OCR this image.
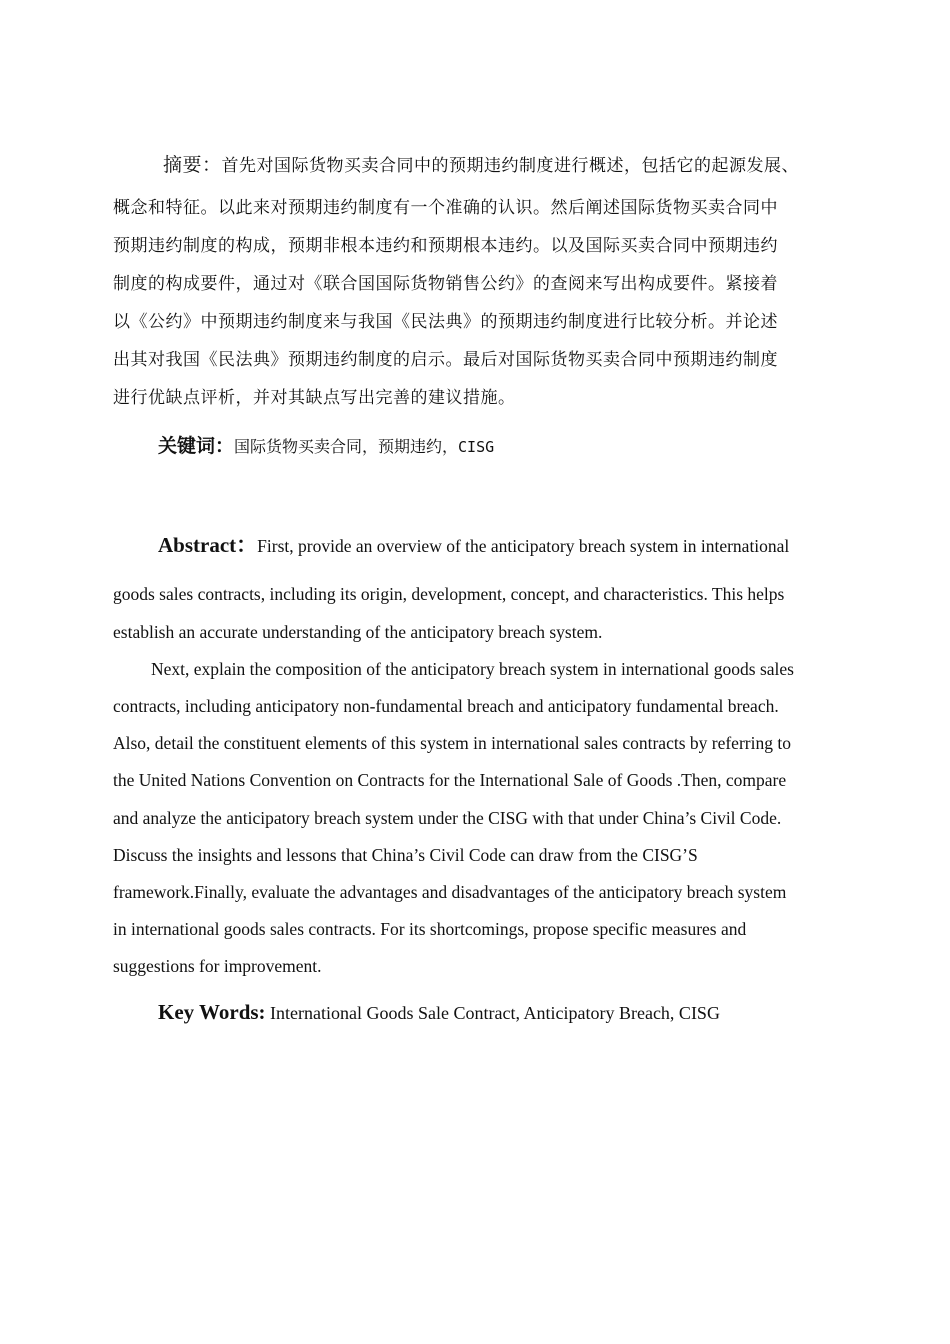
摘要：首先对国际货物买卖合同中的预期违约制度进行概述，包括它的起源发展、
概念和特征。以此来对预期违约制度有一个准确的认识。然后阐述国际货物买卖合同中
预期违约制度的构成，预期非根本违约和预期根本违约。以及国际买卖合同中预期违约
制度的构成要件，通过对《联合国国际货物销售公约》的查阅来写出构成要件。紧接着
以《公约》中预期违约制度来与我国《民法典》的预期违约制度进行比较分析。并论述
出其对我国《民法典》预期违约制度的启示。最后对国际货物买卖合同中预期违约制度
进行优缺点评析，并对其缺点写出完善的建议措施。
关键词：国际货物买卖合同，预期违约，CISG
Abstract：First, provide an overview of the anticipatory breach system in international
goods sales contracts, including its origin, development, concept, and characteristics. This helps
establish an accurate understanding of the anticipatory breach system.
Next, explain the composition of the anticipatory breach system in international goods sales
contracts, including anticipatory non-fundamental breach and anticipatory fundamental breach.
Also, detail the constituent elements of this system in international sales contracts by referring to
the United Nations Convention on Contracts for the International Sale of Goods .Then, compare
and analyze the anticipatory breach system under the CISG with that under China’s Civil Code.
Discuss the insights and lessons that China’s Civil Code can draw from the CISG’S
framework.Finally, evaluate the advantages and disadvantages of the anticipatory breach system
in international goods sales contracts. For its shortcomings, propose specific measures and
suggestions for improvement.
Key Words: International Goods Sale Contract, Anticipatory Breach, CISG
